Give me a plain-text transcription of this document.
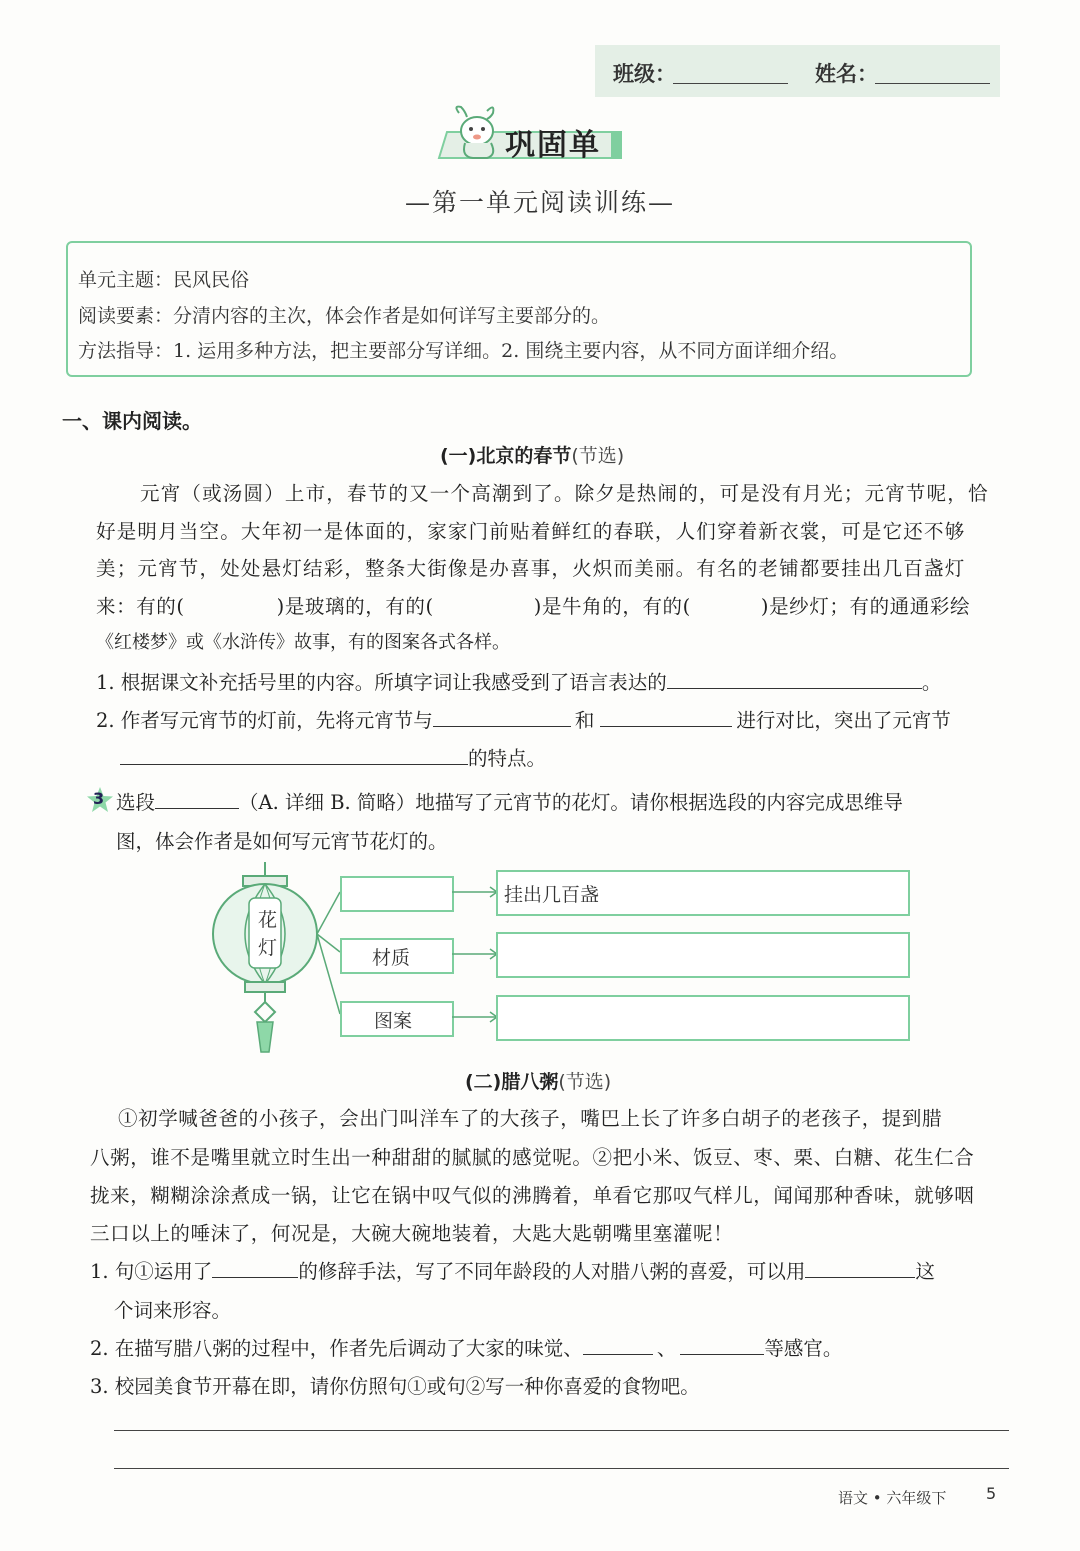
班级：	姓名：
巩固单
—第一单元阅读训练—
单元主题：民风民俗
阅读要素：分清内容的主次，体会作者是如何详写主要部分的。
方法指导：1. 运用多种方法，把主要部分写详细。2. 围绕主要内容，从不同方面详细介绍。
一、课内阅读。
(一)北京的春节(节选)
元宵（或汤圆）上市，春节的又一个高潮到了。除夕是热闹的，可是没有月光；元宵节呢，恰
好是明月当空。大年初一是体面的，家家门前贴着鲜红的春联，人们穿着新衣裳，可是它还不够
美；元宵节，处处悬灯结彩，整条大街像是办喜事，火炽而美丽。有名的老铺都要挂出几百盏灯
来：有的(	)是玻璃的，有的(	)是牛角的，有的(	)是纱灯；有的通通彩绘
《红楼梦》或《水浒传》故事，有的图案各式各样。
1. 根据课文补充括号里的内容。所填字词让我感受到了语言表达的	。
2. 作者写元宵节的灯前，先将元宵节与	和	进行对比，突出了元宵节
的特点。
3 选段	（A. 详细 B. 简略）地描写了元宵节的花灯。请你根据选段的内容完成思维导
图，体会作者是如何写元宵节花灯的。
花
灯	材质
图案
挂出几百盏
(二)腊八粥(节选)
①初学喊爸爸的小孩子，会出门叫洋车了的大孩子，嘴巴上长了许多白胡子的老孩子，提到腊
八粥，谁不是嘴里就立时生出一种甜甜的腻腻的感觉呢。②把小米、饭豆、枣、栗、白糖、花生仁合
拢来，糊糊涂涂煮成一锅，让它在锅中叹气似的沸腾着，单看它那叹气样儿，闻闻那种香味，就够咽
三口以上的唾沫了，何况是，大碗大碗地装着，大匙大匙朝嘴里塞灌呢！
1. 句①运用了	的修辞手法，写了不同年龄段的人对腊八粥的喜爱，可以用	这
个词来形容。
2. 在描写腊八粥的过程中，作者先后调动了大家的味觉、	、	等感官。
3. 校园美食节开幕在即，请你仿照句①或句②写一种你喜爱的食物吧。
语文 • 六年级下 5
